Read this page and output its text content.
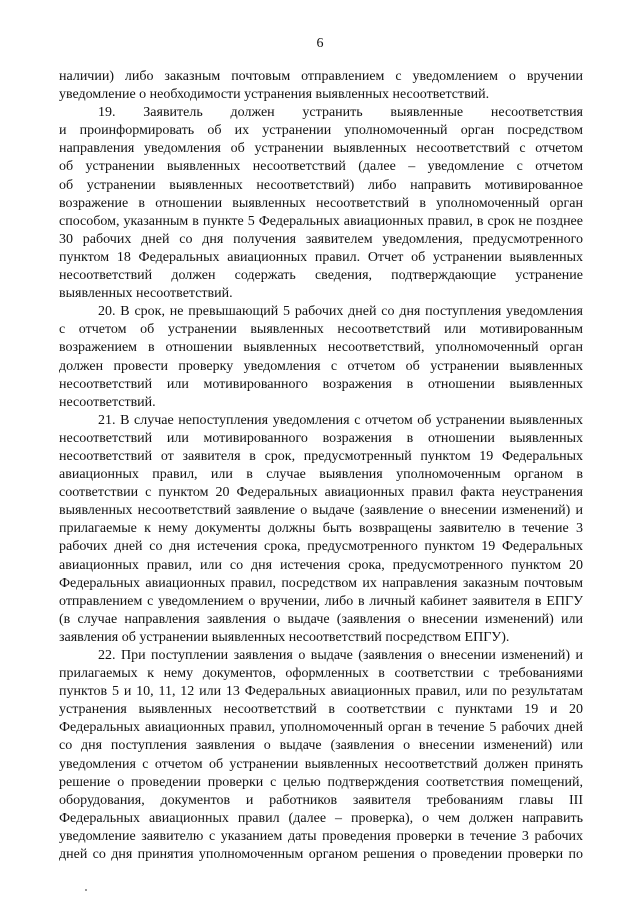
6
наличии) либо заказным почтовым отправлением с уведомлением о вручении
уведомление о необходимости устранения выявленных несоответствий.
19. Заявитель должен устранить выявленные несоответствия
и проинформировать об их устранении уполномоченный орган посредством
направления уведомления об устранении выявленных несоответствий с отчетом
об устранении выявленных несоответствий (далее – уведомление с отчетом
об устранении выявленных несоответствий) либо направить мотивированное
возражение в отношении выявленных несоответствий в уполномоченный орган
способом, указанным в пункте 5 Федеральных авиационных правил, в срок не позднее
30 рабочих дней со дня получения заявителем уведомления, предусмотренного
пунктом 18 Федеральных авиационных правил. Отчет об устранении выявленных
несоответствий должен содержать сведения, подтверждающие устранение
выявленных несоответствий.
20. В срок, не превышающий 5 рабочих дней со дня поступления уведомления
с отчетом об устранении выявленных несоответствий или мотивированным
возражением в отношении выявленных несоответствий, уполномоченный орган
должен провести проверку уведомления с отчетом об устранении выявленных
несоответствий или мотивированного возражения в отношении выявленных
несоответствий.
21. В случае непоступления уведомления с отчетом об устранении выявленных
несоответствий или мотивированного возражения в отношении выявленных
несоответствий от заявителя в срок, предусмотренный пунктом 19 Федеральных
авиационных правил, или в случае выявления уполномоченным органом в
соответствии с пунктом 20 Федеральных авиационных правил факта неустранения
выявленных несоответствий заявление о выдаче (заявление о внесении изменений) и
прилагаемые к нему документы должны быть возвращены заявителю в течение 3
рабочих дней со дня истечения срока, предусмотренного пунктом 19 Федеральных
авиационных правил, или со дня истечения срока, предусмотренного пунктом 20
Федеральных авиационных правил, посредством их направления заказным почтовым
отправлением с уведомлением о вручении, либо в личный кабинет заявителя в ЕПГУ
(в случае направления заявления о выдаче (заявления о внесении изменений) или
заявления об устранении выявленных несоответствий посредством ЕПГУ).
22. При поступлении заявления о выдаче (заявления о внесении изменений) и
прилагаемых к нему документов, оформленных в соответствии с требованиями
пунктов 5 и 10, 11, 12 или 13 Федеральных авиационных правил, или по результатам
устранения выявленных несоответствий в соответствии с пунктами 19 и 20
Федеральных авиационных правил, уполномоченный орган в течение 5 рабочих дней
со дня поступления заявления о выдаче (заявления о внесении изменений) или
уведомления с отчетом об устранении выявленных несоответствий должен принять
решение о проведении проверки с целью подтверждения соответствия помещений,
оборудования, документов и работников заявителя требованиям главы III
Федеральных авиационных правил (далее – проверка), о чем должен направить
уведомление заявителю с указанием даты проведения проверки в течение 3 рабочих
дней со дня принятия уполномоченным органом решения о проведении проверки по
